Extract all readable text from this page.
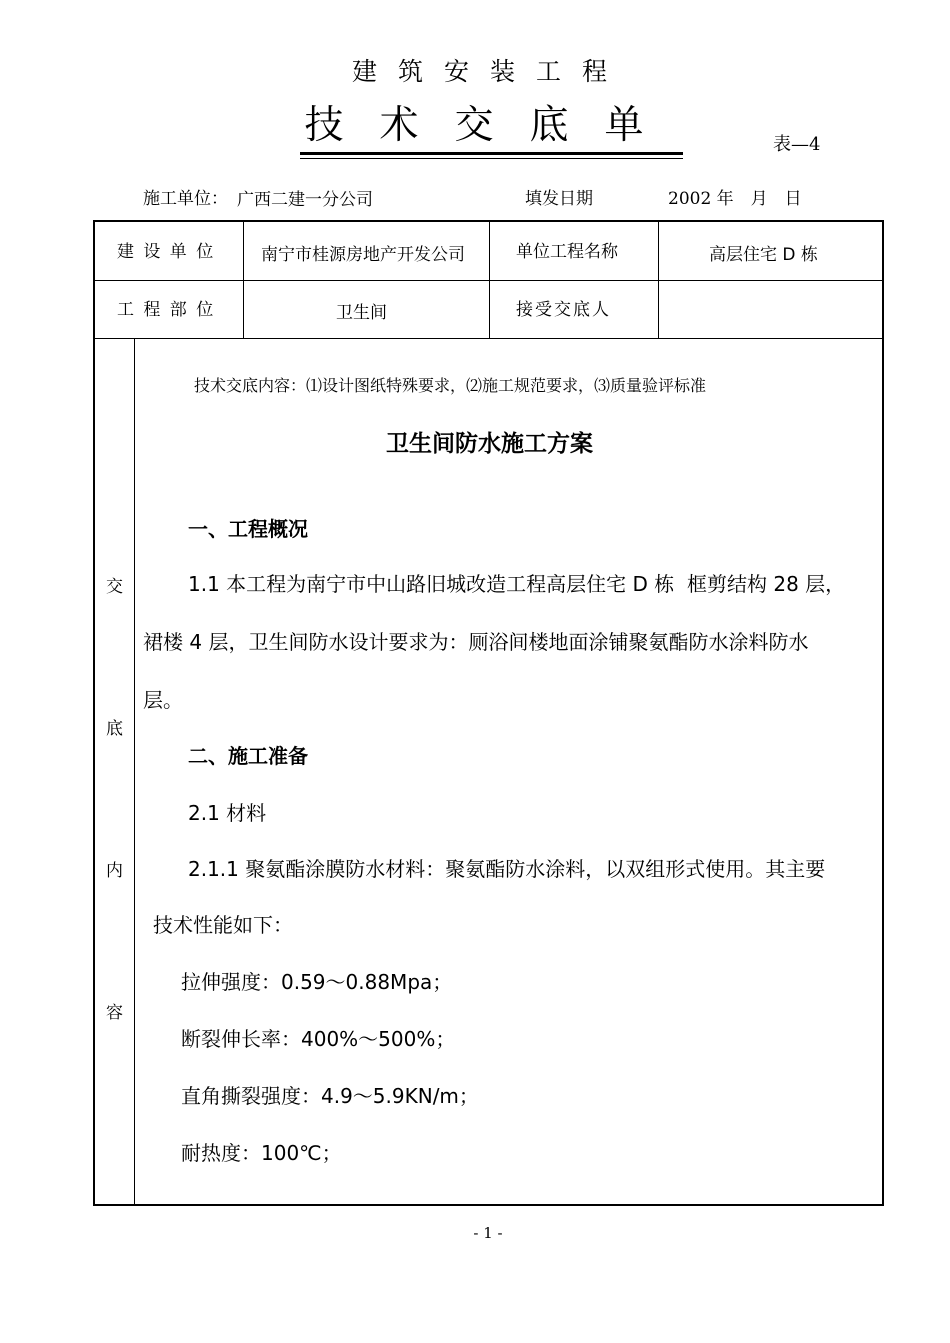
建筑安装工程
技术交底单	表—4
施工单位： 广西二建一分公司	填发日期	2002 年　月　日
建 设 单 位	南宁市桂源房地产开发公司	单位工程名称	高层住宅 D 栋
工 程 部 位	卫生间	接受交底人
交
底
内
容
技术交底内容：⑴设计图纸特殊要求，⑵施工规范要求，⑶质量验评标准
卫生间防水施工方案
一、工程概况
1.1 本工程为南宁市中山路旧城改造工程高层住宅 D 栋  框剪结构 28 层，
裙楼 4 层，卫生间防水设计要求为：厕浴间楼地面涂铺聚氨酯防水涂料防水
层。
二、施工准备
2.1 材料
2.1.1 聚氨酯涂膜防水材料：聚氨酯防水涂料，以双组形式使用。其主要
技术性能如下：
拉伸强度：0.59～0.88Mpa；
断裂伸长率：400%～500%；
直角撕裂强度：4.9～5.9KN/m；
耐热度：100℃；
- 1 -
